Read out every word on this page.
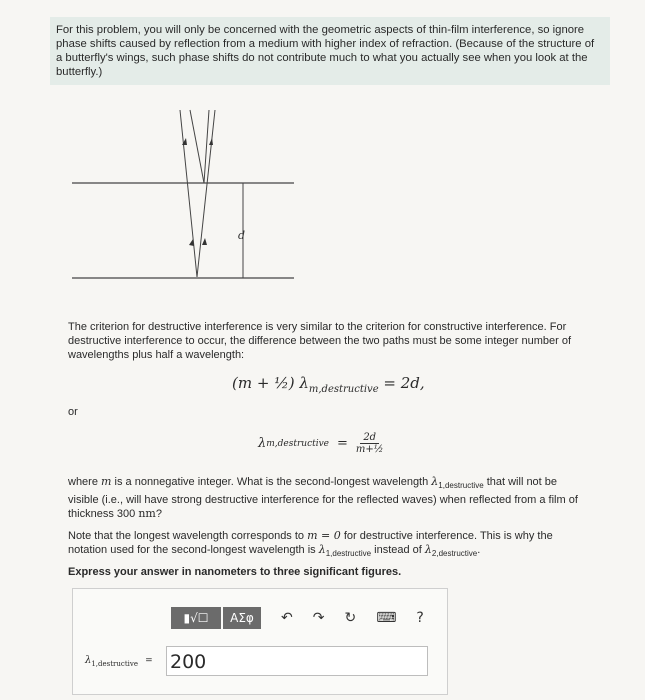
For this problem, you will only be concerned with the geometric aspects of thin-film interference, so ignore phase shifts caused by reflection from a medium with higher index of refraction. (Because of the structure of a butterfly's wings, such phase shifts do not contribute much to what you actually see when you look at the butterfly.)
d
The criterion for destructive interference is very similar to the criterion for constructive interference. For destructive interference to occur, the difference between the two paths must be some integer number of wavelengths plus half a wavelength:
(m + ½) $\lambda_{m,destructive} = 2d$,
or
λ m,destructive = $\frac{2d}{\text{m+½}}$
where m is a nonnegative integer. What is the second-longest wavelength $\lambda_{1,destructive}$ that will not be visible (i.e., will have strong destructive interference for the reflected waves) when reflected from a film of thickness 300 nm?
Note that the longest wavelength corresponds to m = 0 for destructive interference. This is why the notation used for the second-longest wavelength is $\lambda_{1,destructive}$ instead of $\lambda_{2,destructive}$.
Express your answer in nanometers to three significant figures.
▮√☐	ΑΣφ	↶ ↷ ↻ ⌨ ?
$\lambda_{1,destructive} = 200$
